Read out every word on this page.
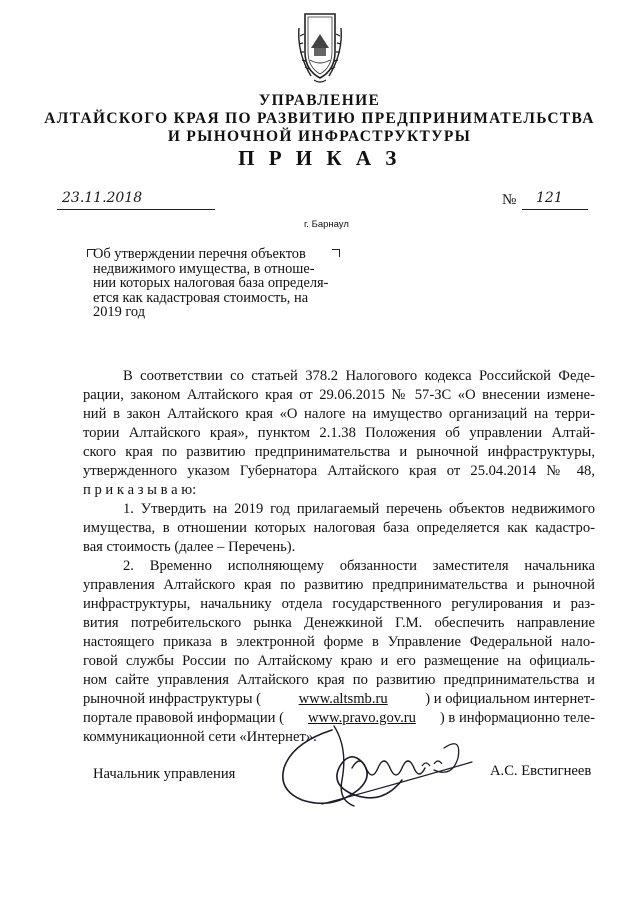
УПРАВЛЕНИЕ
АЛТАЙСКОГО КРАЯ ПО РАЗВИТИЮ ПРЕДПРИНИМАТЕЛЬСТВА
И РЫНОЧНОЙ ИНФРАСТРУКТУРЫ
П Р И К А З
23.11.2018	№ 121
г. Барнаул
Об утверждении перечня объектов
недвижимого имущества, в отноше-
нии которых налоговая база определя-
ется как кадастровая стоимость, на
2019 год
В соответствии со статьей 378.2 Налогового кодекса Российской Феде-
рации, законом Алтайского края от 29.06.2015 № 57-ЗС «О внесении измене-
ний в закон Алтайского края «О налоге на имущество организаций на терри-
тории Алтайского края», пунктом 2.1.38 Положения об управлении Алтай-
ского края по развитию предпринимательства и рыночной инфраструктуры,
утвержденного указом Губернатора Алтайского края от 25.04.2014 № 48,
п р и к а з ы в а ю:
1. Утвердить на 2019 год прилагаемый перечень объектов недвижимого
имущества, в отношении которых налоговая база определяется как кадастро-
вая стоимость (далее – Перечень).
2. Временно исполняющему обязанности заместителя начальника
управления Алтайского края по развитию предпринимательства и рыночной
инфраструктуры, начальнику отдела государственного регулирования и раз-
вития потребительского рынка Денежкиной Г.М. обеспечить направление
настоящего приказа в электронной форме в Управление Федеральной нало-
говой службы России по Алтайскому краю и его размещение на официаль-
ном сайте управления Алтайского края по развитию предпринимательства и
рыночной инфраструктуры (	www.altsmb.ru	) и официальном интернет-
портале правовой информации ( www.pravo.gov.ru ) в информационно теле-
коммуникационной сети «Интернет».
Начальник управления	А.С. Евстигнеев
